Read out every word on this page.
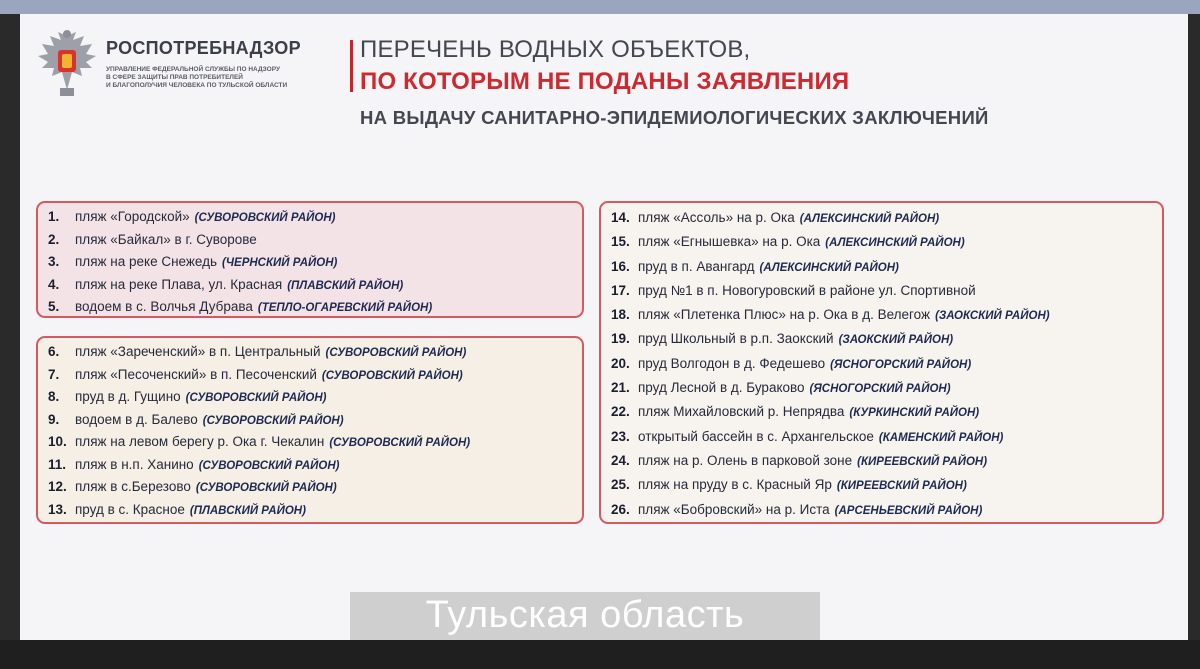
РОСПОТРЕБНАДЗОР
УПРАВЛЕНИЕ ФЕДЕРАЛЬНОЙ СЛУЖБЫ ПО НАДЗОРУ
В СФЕРЕ ЗАЩИТЫ ПРАВ ПОТРЕБИТЕЛЕЙ
И БЛАГОПОЛУЧИЯ ЧЕЛОВЕКА ПО ТУЛЬСКОЙ ОБЛАСТИ
ПЕРЕЧЕНЬ ВОДНЫХ ОБЪЕКТОВ,
ПО КОТОРЫМ НЕ ПОДАНЫ ЗАЯВЛЕНИЯ
НА ВЫДАЧУ САНИТАРНО-ЭПИДЕМИОЛОГИЧЕСКИХ ЗАКЛЮЧЕНИЙ
1. пляж «Городской» (СУВОРОВСКИЙ РАЙОН)
2. пляж «Байкал» в г. Суворове
3. пляж на реке Снежедь (ЧЕРНСКИЙ РАЙОН)
4. пляж на реке Плава, ул. Красная (ПЛАВСКИЙ РАЙОН)
5. водоем в с. Волчья Дубрава (ТЕПЛО-ОГАРЕВСКИЙ РАЙОН)
6. пляж «Зареченский» в п. Центральный (СУВОРОВСКИЙ РАЙОН)
7. пляж «Песоченский» в п. Песоченский (СУВОРОВСКИЙ РАЙОН)
8. пруд в д. Гущино (СУВОРОВСКИЙ РАЙОН)
9. водоем в д. Балево (СУВОРОВСКИЙ РАЙОН)
10. пляж на левом берегу р. Ока г. Чекалин (СУВОРОВСКИЙ РАЙОН)
11. пляж в н.п. Ханино (СУВОРОВСКИЙ РАЙОН)
12. пляж в с.Березово (СУВОРОВСКИЙ РАЙОН)
13. пруд в с. Красное (ПЛАВСКИЙ РАЙОН)
14. пляж «Ассоль» на р. Ока (АЛЕКСИНСКИЙ РАЙОН)
15. пляж «Егнышевка» на р. Ока (АЛЕКСИНСКИЙ РАЙОН)
16. пруд в п. Авангард (АЛЕКСИНСКИЙ РАЙОН)
17. пруд №1 в п. Новогуровский в районе ул. Спортивной
18. пляж «Плетенка Плюс» на р. Ока в д. Велегож (ЗАОКСКИЙ РАЙОН)
19. пруд Школьный в р.п. Заокский (ЗАОКСКИЙ РАЙОН)
20. пруд Волгодон в д. Федешево (ЯСНОГОРСКИЙ РАЙОН)
21. пруд Лесной в д. Бураково (ЯСНОГОРСКИЙ РАЙОН)
22. пляж Михайловский р. Непрядва (КУРКИНСКИЙ РАЙОН)
23. открытый бассейн в с. Архангельское (КАМЕНСКИЙ РАЙОН)
24. пляж на р. Олень в парковой зоне (КИРЕЕВСКИЙ РАЙОН)
25. пляж на пруду в с. Красный Яр (КИРЕЕВСКИЙ РАЙОН)
26. пляж «Бобровский» на р. Иста (АРСЕНЬЕВСКИЙ РАЙОН)
Тульская область
